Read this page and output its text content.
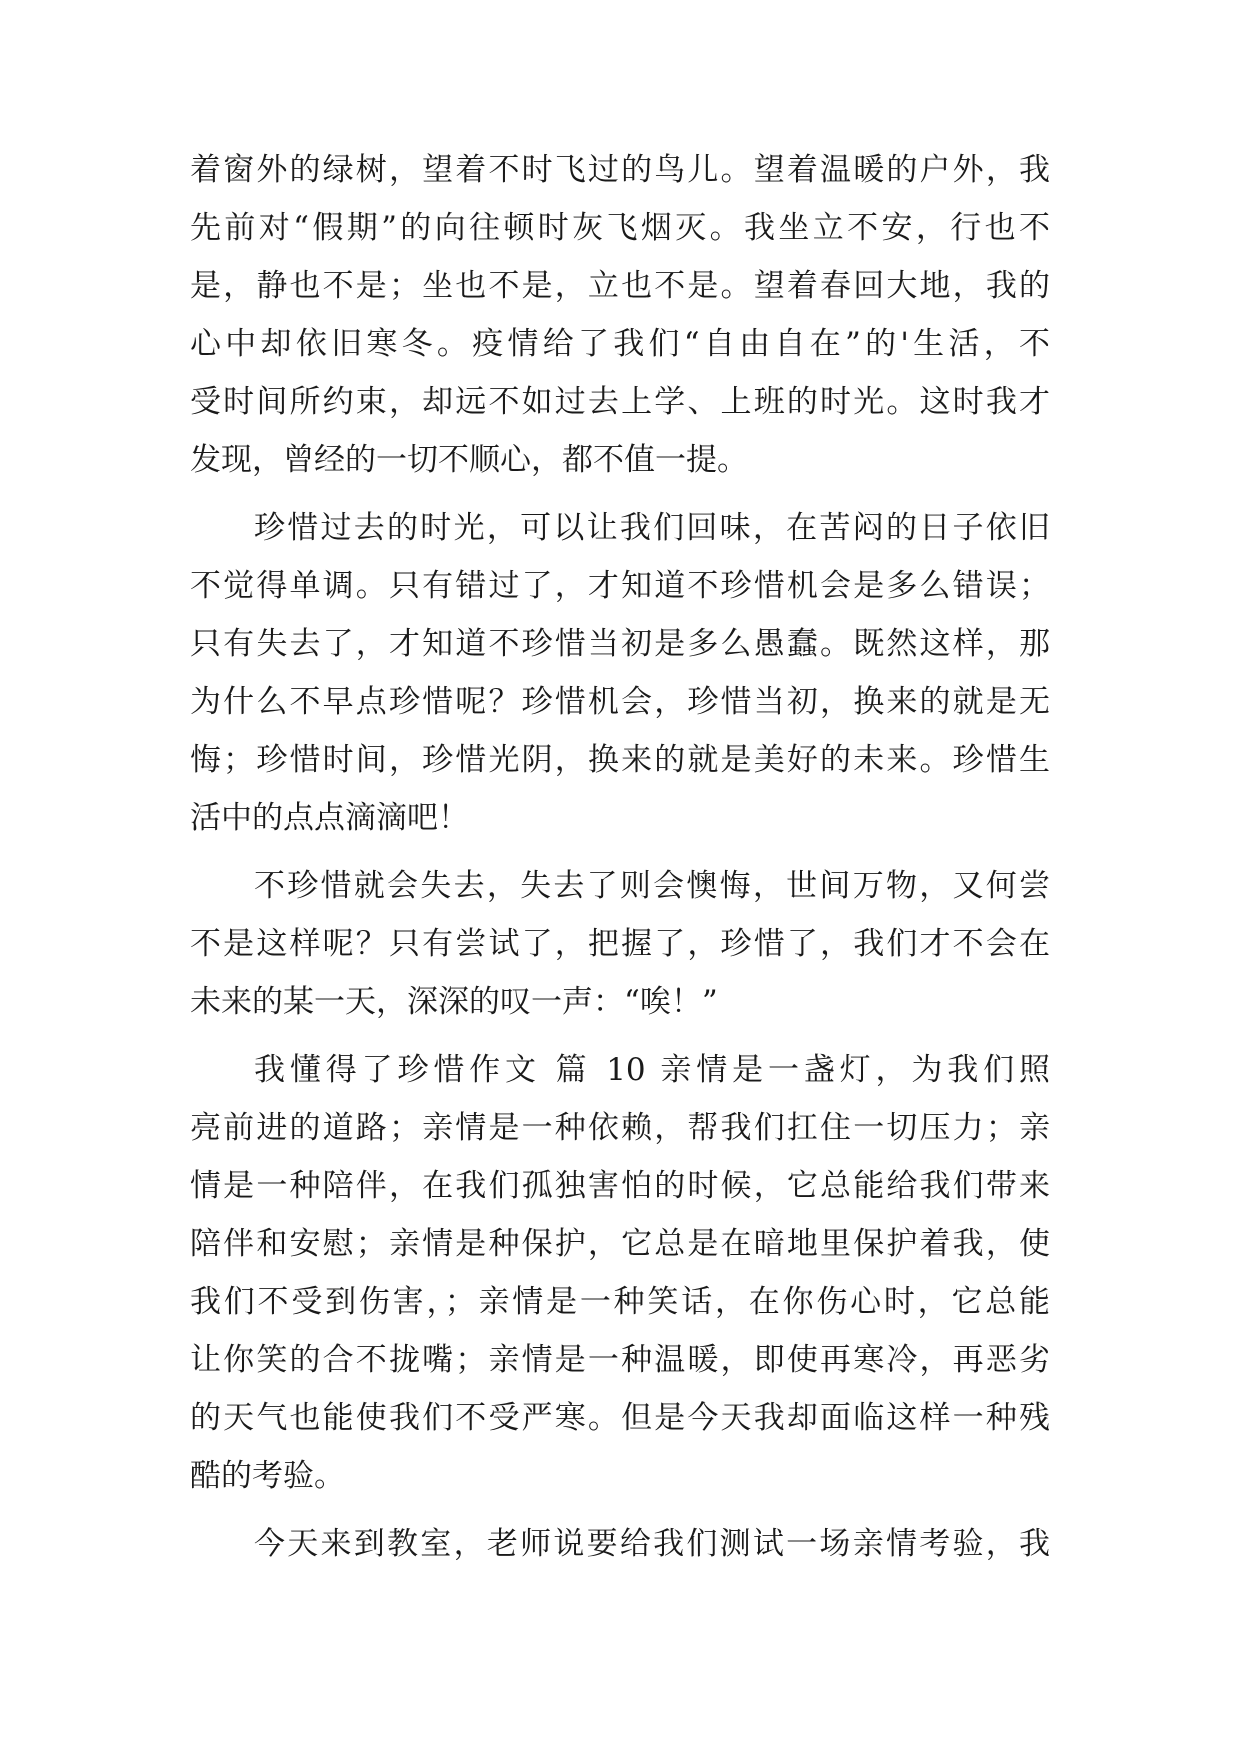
着窗外的绿树，望着不时飞过的鸟儿。望着温暖的户外，我
先前对“假期”的向往顿时灰飞烟灭。我坐立不安，行也不
是，静也不是；坐也不是，立也不是。望着春回大地，我的
心中却依旧寒冬。疫情给了我们“自由自在”的'生活，不
受时间所约束，却远不如过去上学、上班的时光。这时我才
发现，曾经的一切不顺心，都不值一提。
珍惜过去的时光，可以让我们回味，在苦闷的日子依旧
不觉得单调。只有错过了，才知道不珍惜机会是多么错误；
只有失去了，才知道不珍惜当初是多么愚蠢。既然这样，那
为什么不早点珍惜呢？珍惜机会，珍惜当初，换来的就是无
悔；珍惜时间，珍惜光阴，换来的就是美好的未来。珍惜生
活中的点点滴滴吧！
不珍惜就会失去，失去了则会懊悔，世间万物，又何尝
不是这样呢？只有尝试了，把握了，珍惜了，我们才不会在
未来的某一天，深深的叹一声：“唉！”
我懂得了珍惜作文 篇 10 亲情是一盏灯，为我们照
亮前进的道路；亲情是一种依赖，帮我们扛住一切压力；亲
情是一种陪伴，在我们孤独害怕的时候，它总能给我们带来
陪伴和安慰；亲情是种保护，它总是在暗地里保护着我，使
我们不受到伤害，；亲情是一种笑话，在你伤心时，它总能
让你笑的合不拢嘴；亲情是一种温暖，即使再寒冷，再恶劣
的天气也能使我们不受严寒。但是今天我却面临这样一种残
酷的考验。
今天来到教室，老师说要给我们测试一场亲情考验，我
